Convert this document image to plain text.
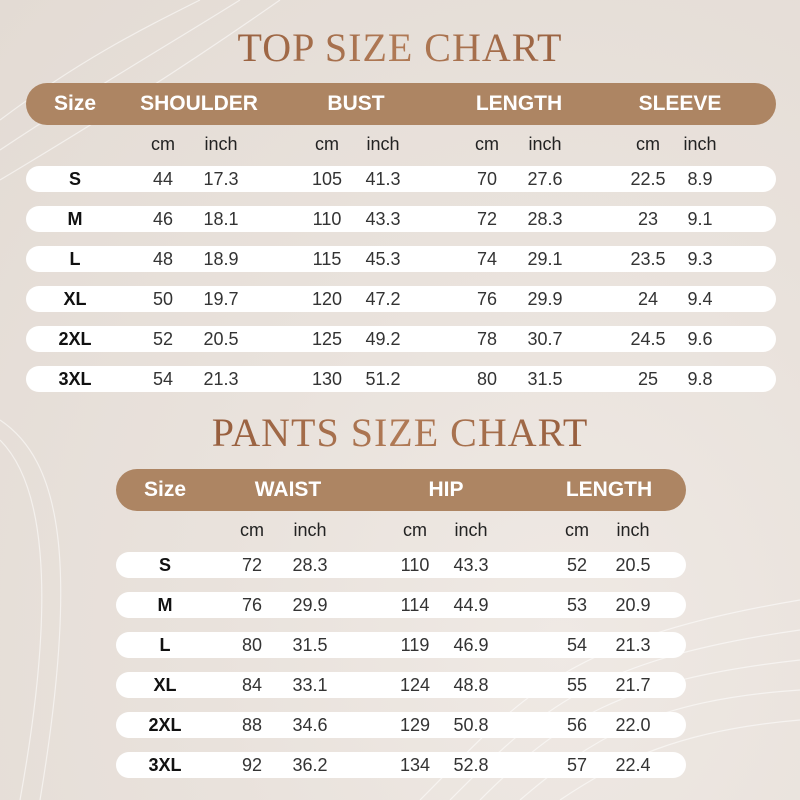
TOP SIZE CHART
Size	SHOULDER	BUST	LENGTH	SLEEVE
cm	inch	cm	inch	cm	inch	cm	inch
S	44	17.3	105	41.3	70	27.6	22.5	8.9
M	46	18.1	110	43.3	72	28.3	23	9.1
L	48	18.9	115	45.3	74	29.1	23.5	9.3
XL	50	19.7	120	47.2	76	29.9	24	9.4
2XL	52	20.5	125	49.2	78	30.7	24.5	9.6
3XL	54	21.3	130	51.2	80	31.5	25	9.8
PANTS SIZE CHART
Size	WAIST	HIP	LENGTH
cm	inch	cm	inch	cm	inch
S	72	28.3	110	43.3	52	20.5
M	76	29.9	114	44.9	53	20.9
L	80	31.5	119	46.9	54	21.3
XL	84	33.1	124	48.8	55	21.7
2XL	88	34.6	129	50.8	56	22.0
3XL	92	36.2	134	52.8	57	22.4
